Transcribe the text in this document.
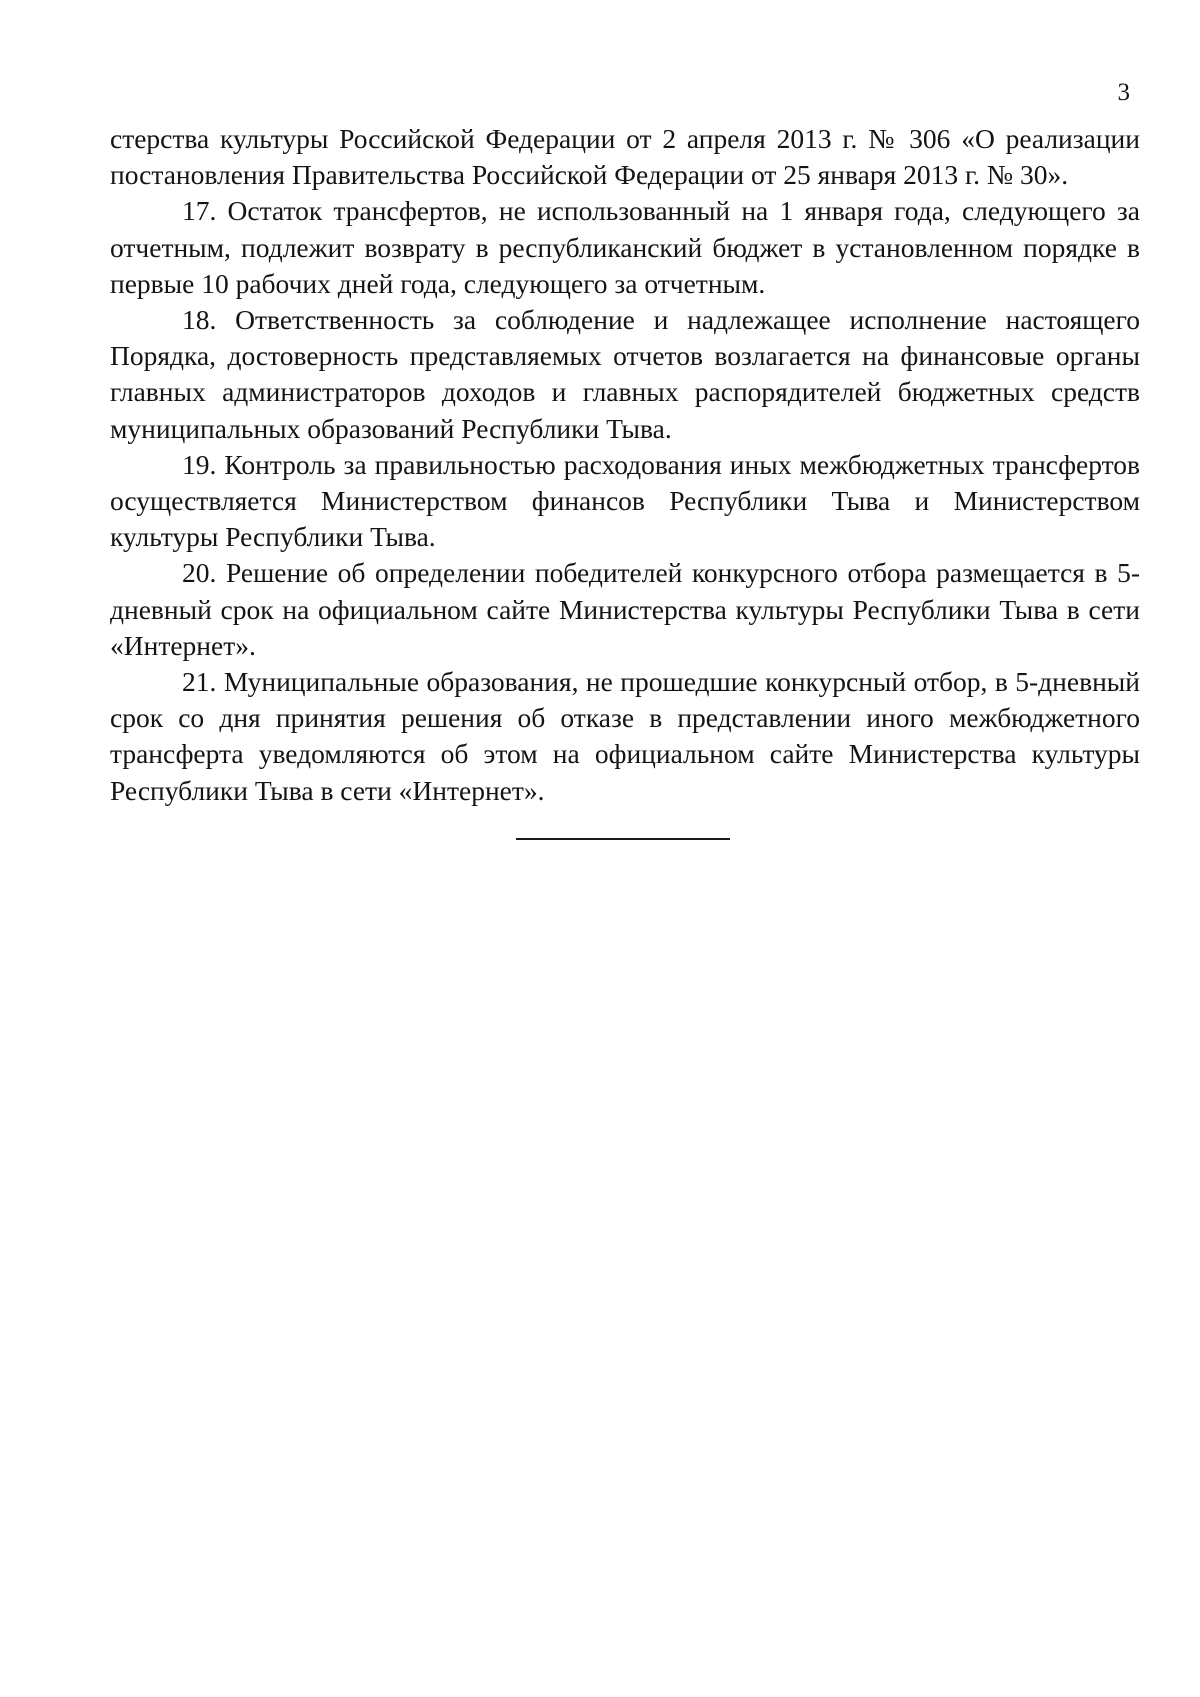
3

стерства культуры Российской Федерации от 2 апреля 2013 г. № 306 «О реализации постановления Правительства Российской Федерации от 25 января 2013 г. № 30».

17. Остаток трансфертов, не использованный на 1 января года, следующего за отчетным, подлежит возврату в республиканский бюджет в установленном порядке в первые 10 рабочих дней года, следующего за отчетным.

18. Ответственность за соблюдение и надлежащее исполнение настоящего Порядка, достоверность представляемых отчетов возлагается на финансовые органы главных администраторов доходов и главных распорядителей бюджетных средств муниципальных образований Республики Тыва.

19. Контроль за правильностью расходования иных межбюджетных трансфертов осуществляется Министерством финансов Республики Тыва и Министерством культуры Республики Тыва.

20. Решение об определении победителей конкурсного отбора размещается в 5-дневный срок на официальном сайте Министерства культуры Республики Тыва в сети «Интернет».

21. Муниципальные образования, не прошедшие конкурсный отбор, в 5-дневный срок со дня принятия решения об отказе в представлении иного межбюджетного трансферта уведомляются об этом на официальном сайте Министерства культуры Республики Тыва в сети «Интернет».
